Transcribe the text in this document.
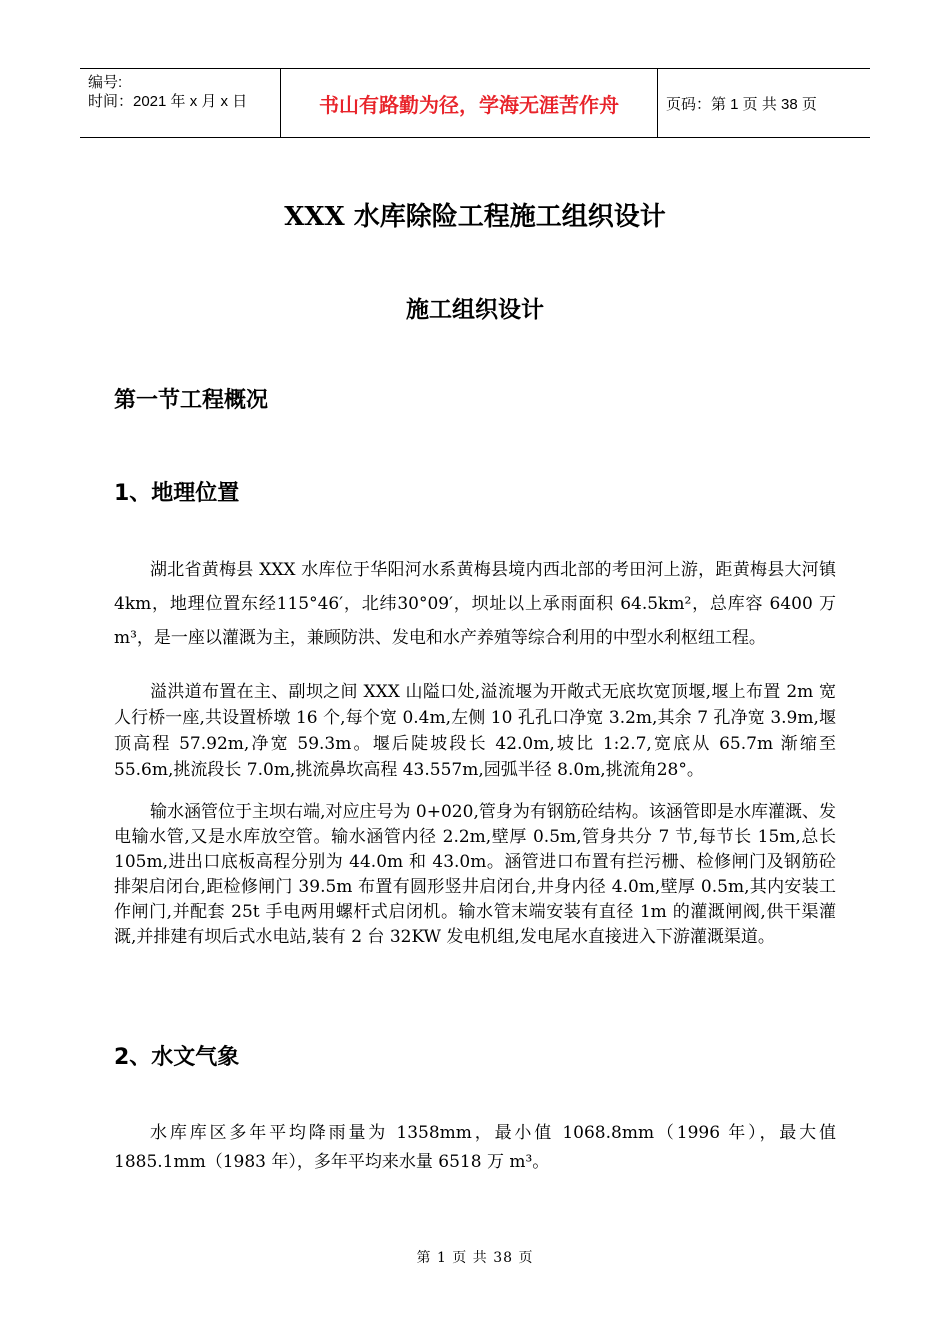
编号:
时间：2021 年 x 月 x 日	书山有路勤为径，学海无涯苦作舟	页码：第 1 页 共 38 页
XXX 水库除险工程施工组织设计
施工组织设计
第一节工程概况
1、地理位置
湖北省黄梅县 XXX 水库位于华阳河水系黄梅县境内西北部的考田河上游，距黄梅县大河镇 4km，地理位置东经115°46′，北纬30°09′，坝址以上承雨面积 64.5km²，总库容 6400 万 m³，是一座以灌溉为主，兼顾防洪、发电和水产养殖等综合利用的中型水利枢纽工程。
溢洪道布置在主、副坝之间 XXX 山隘口处,溢流堰为开敞式无底坎宽顶堰,堰上布置 2m 宽人行桥一座,共设置桥墩 16 个,每个宽 0.4m,左侧 10 孔孔口净宽 3.2m,其余 7 孔净宽 3.9m,堰顶高程 57.92m,净宽 59.3m。堰后陡坡段长 42.0m,坡比 1:2.7,宽底从 65.7m 渐缩至 55.6m,挑流段长 7.0m,挑流鼻坎高程 43.557m,园弧半径 8.0m,挑流角28°。
输水涵管位于主坝右端,对应庄号为 0+020,管身为有钢筋砼结构。该涵管即是水库灌溉、发电输水管,又是水库放空管。输水涵管内径 2.2m,壁厚 0.5m,管身共分 7 节,每节长 15m,总长 105m,进出口底板高程分别为 44.0m 和 43.0m。涵管进口布置有拦污栅、检修闸门及钢筋砼排架启闭台,距检修闸门 39.5m 布置有圆形竖井启闭台,井身内径 4.0m,壁厚 0.5m,其内安装工作闸门,并配套 25t 手电两用螺杆式启闭机。输水管末端安装有直径 1m 的灌溉闸阀,供干渠灌溉,并排建有坝后式水电站,装有 2 台 32KW 发电机组,发电尾水直接进入下游灌溉渠道。
2、水文气象
水库库区多年平均降雨量为 1358mm，最小值 1068.8mm（1996 年），最大值 1885.1mm（1983 年），多年平均来水量 6518 万 m³。
第 1 页 共 38 页
